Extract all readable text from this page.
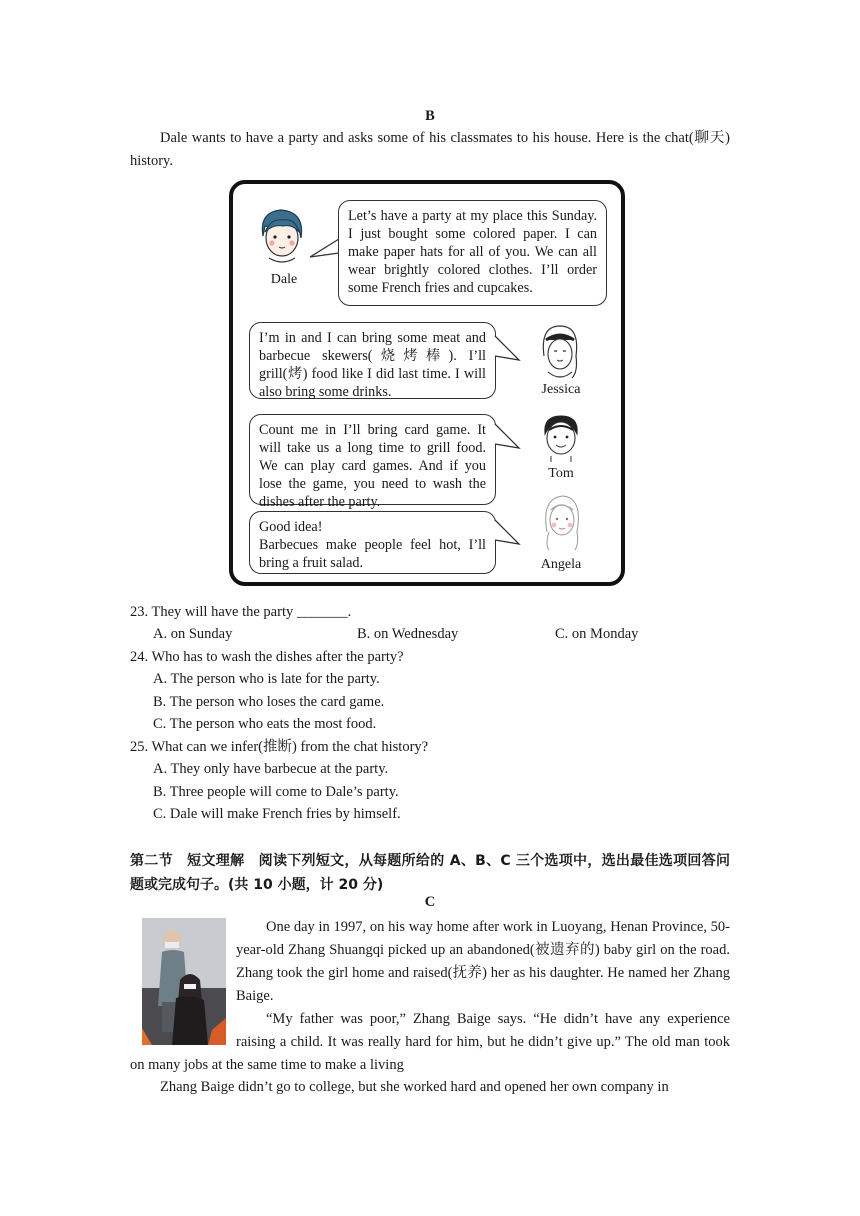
B
Dale wants to have a party and asks some of his classmates to his house. Here is the chat(聊天) history.
Dale
Let’s have a party at my place this Sunday. I just bought some colored paper. I can make paper hats for all of you. We can all wear brightly colored clothes. I’ll order some French fries and cupcakes.
I’m in and I can bring some meat and barbecue skewers(烧烤棒). I’ll grill(烤) food like I did last time. I will also bring some drinks.	Jessica
Count me in I’ll bring card game. It will take us a long time to grill food. We can play card games. And if you lose the game, you need to wash the dishes after the party.
Tom
Good idea!
Barbecues make people feel hot, I’ll bring a fruit salad.	Angela
23. They will have the party _______.
A. on Sunday	B. on Wednesday	C. on Monday
24. Who has to wash the dishes after the party?
A. The person who is late for the party.
B. The person who loses the card game.
C. The person who eats the most food.
25. What can we infer(推断) from the chat history?
A. They only have barbecue at the party.
B. Three people will come to Dale’s party.
C. Dale will make French fries by himself.
第二节　短文理解　阅读下列短文，从每题所给的 A、B、C 三个选项中，选出最佳选项回答问题或完成句子。(共 10 小题，计 20 分)
C
One day in 1997, on his way home after work in Luoyang, Henan Province, 50-year-old Zhang Shuangqi picked up an abandoned(被遗弃的) baby girl on the road. Zhang took the girl home and raised(抚养) her as his daughter. He named her Zhang Baige.
“My father was poor,” Zhang Baige says. “He didn’t have any experience raising a child. It was really hard for him, but he didn’t give up.” The old man took on many jobs at the same time to make a living
Zhang Baige didn’t go to college, but she worked hard and opened her own company in
